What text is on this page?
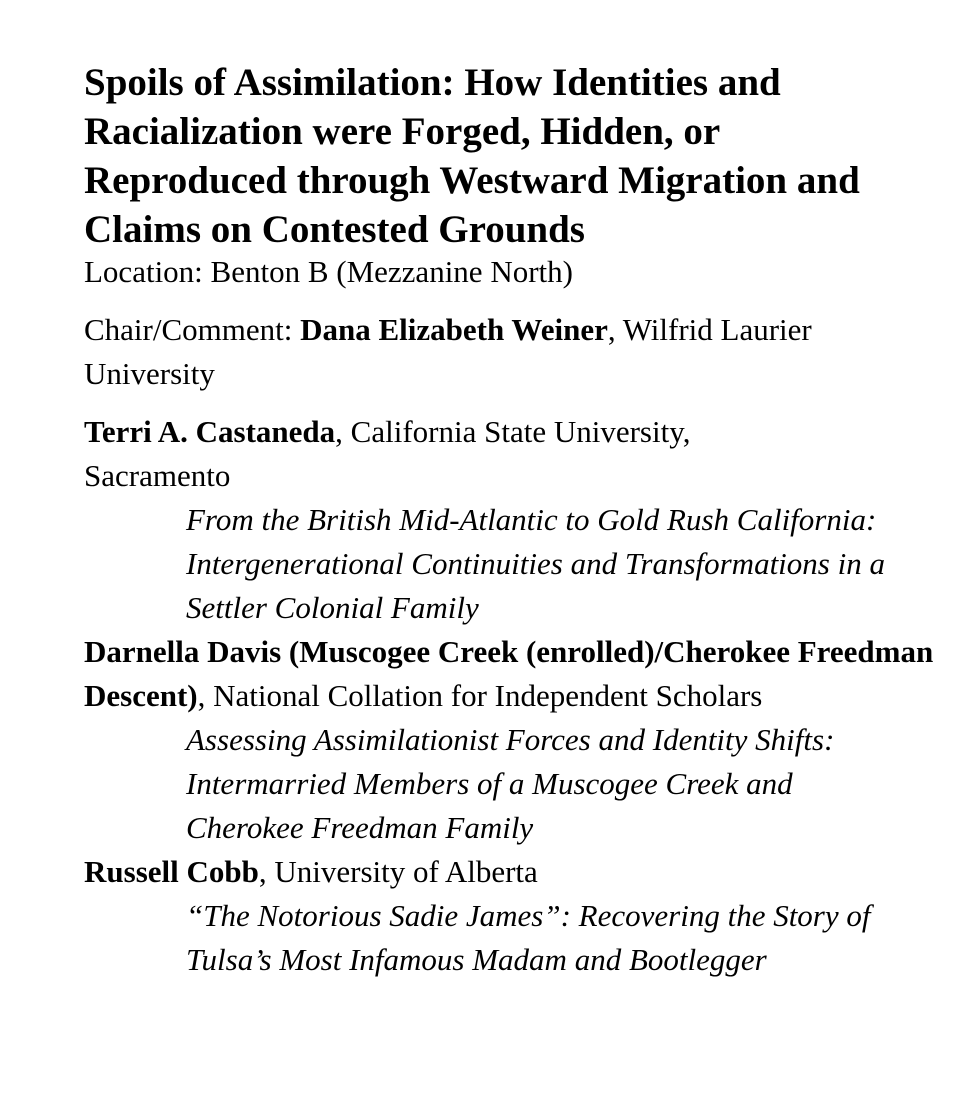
Spoils of Assimilation: How Identities and Racialization were Forged, Hidden, or Reproduced through Westward Migration and Claims on Contested Grounds

Location: Benton B (Mezzanine North)

Chair/Comment: Dana Elizabeth Weiner, Wilfrid Laurier University

Terri A. Castaneda, California State University, Sacramento

From the British Mid-Atlantic to Gold Rush California: Intergenerational Continuities and Transformations in a Settler Colonial Family

Darnella Davis (Muscogee Creek (enrolled)/Cherokee Freedman Descent), National Collation for Independent Scholars

Assessing Assimilationist Forces and Identity Shifts: Intermarried Members of a Muscogee Creek and Cherokee Freedman Family

Russell Cobb, University of Alberta

“The Notorious Sadie James”: Recovering the Story of Tulsa’s Most Infamous Madam and Bootlegger
